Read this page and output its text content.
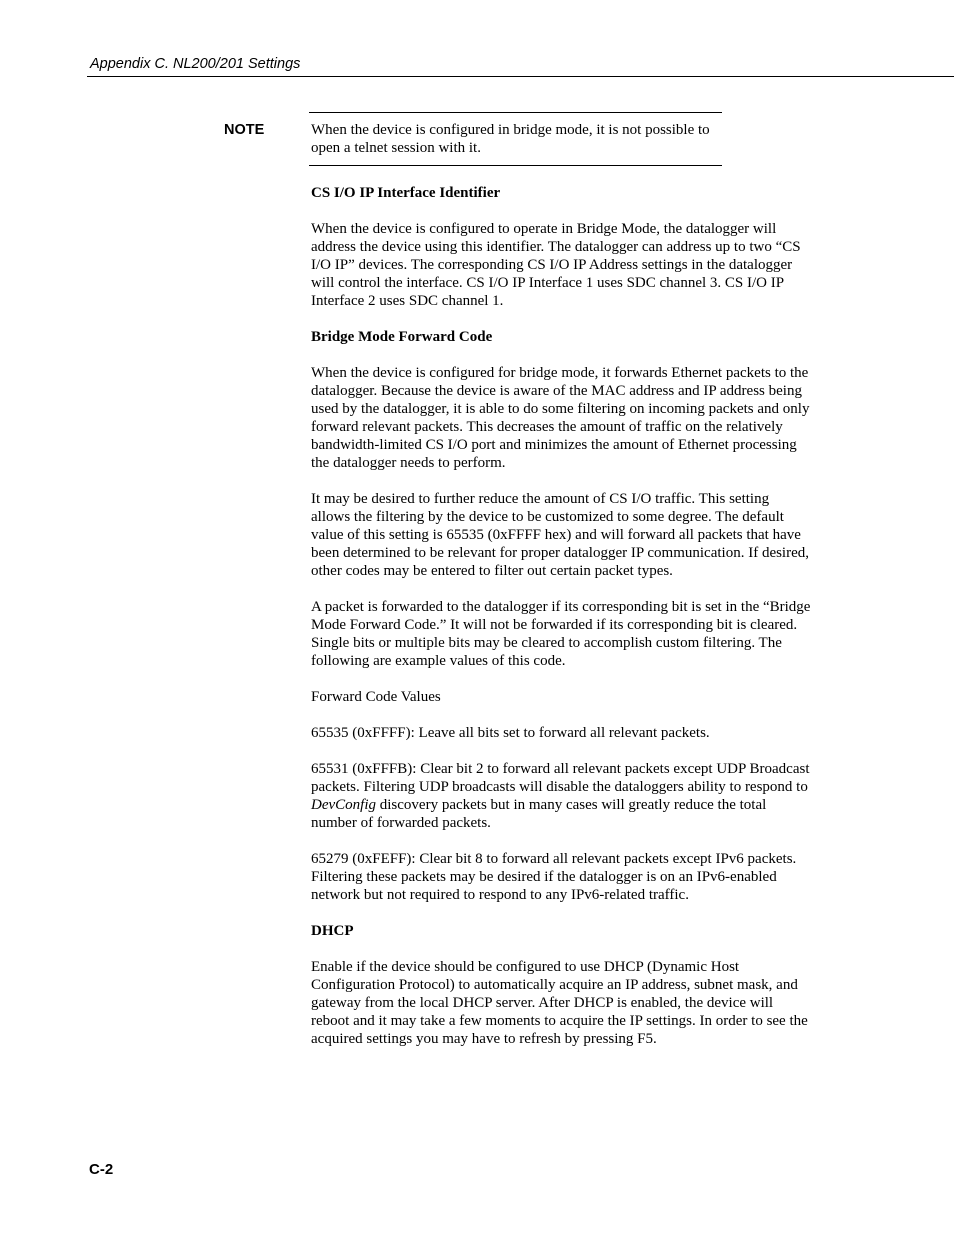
Appendix C. NL200/201 Settings
NOTE	When the device is configured in bridge mode, it is not possible to open a telnet session with it.
CS I/O IP Interface Identifier

When the device is configured to operate in Bridge Mode, the datalogger will address the device using this identifier. The datalogger can address up to two “CS I/O IP” devices. The corresponding CS I/O IP Address settings in the datalogger will control the interface. CS I/O IP Interface 1 uses SDC channel 3. CS I/O IP Interface 2 uses SDC channel 1.

Bridge Mode Forward Code

When the device is configured for bridge mode, it forwards Ethernet packets to the datalogger. Because the device is aware of the MAC address and IP address being used by the datalogger, it is able to do some filtering on incoming packets and only forward relevant packets. This decreases the amount of traffic on the relatively bandwidth-limited CS I/O port and minimizes the amount of Ethernet processing the datalogger needs to perform.

It may be desired to further reduce the amount of CS I/O traffic. This setting allows the filtering by the device to be customized to some degree. The default value of this setting is 65535 (0xFFFF hex) and will forward all packets that have been determined to be relevant for proper datalogger IP communication. If desired, other codes may be entered to filter out certain packet types.

A packet is forwarded to the datalogger if its corresponding bit is set in the “Bridge Mode Forward Code.” It will not be forwarded if its corresponding bit is cleared. Single bits or multiple bits may be cleared to accomplish custom filtering. The following are example values of this code.

Forward Code Values

65535 (0xFFFF): Leave all bits set to forward all relevant packets.

65531 (0xFFFB): Clear bit 2 to forward all relevant packets except UDP Broadcast packets. Filtering UDP broadcasts will disable the dataloggers ability to respond to DevConfig discovery packets but in many cases will greatly reduce the total number of forwarded packets.

65279 (0xFEFF): Clear bit 8 to forward all relevant packets except IPv6 packets. Filtering these packets may be desired if the datalogger is on an IPv6-enabled network but not required to respond to any IPv6-related traffic.

DHCP

Enable if the device should be configured to use DHCP (Dynamic Host Configuration Protocol) to automatically acquire an IP address, subnet mask, and gateway from the local DHCP server. After DHCP is enabled, the device will reboot and it may take a few moments to acquire the IP settings. In order to see the acquired settings you may have to refresh by pressing F5.

C-2
